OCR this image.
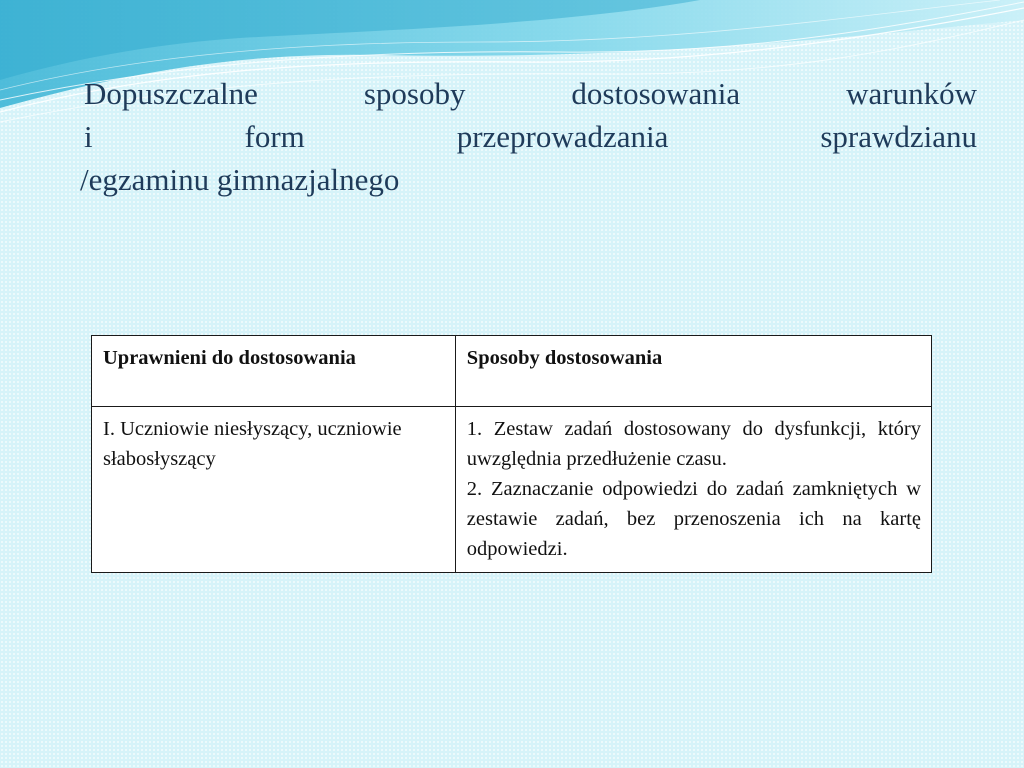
Dopuszczalne sposoby dostosowania warunków
i form przeprowadzania sprawdzianu
/egzaminu gimnazjalnego
Uprawnieni do dostosowania	Sposoby dostosowania
I. Uczniowie niesłyszący, uczniowie słabosłyszący	1. Zestaw zadań dostosowany do dysfunkcji, który uwzględnia przedłużenie czasu.
2. Zaznaczanie odpowiedzi do zadań zamkniętych w zestawie zadań, bez przenoszenia ich na kartę odpowiedzi.
